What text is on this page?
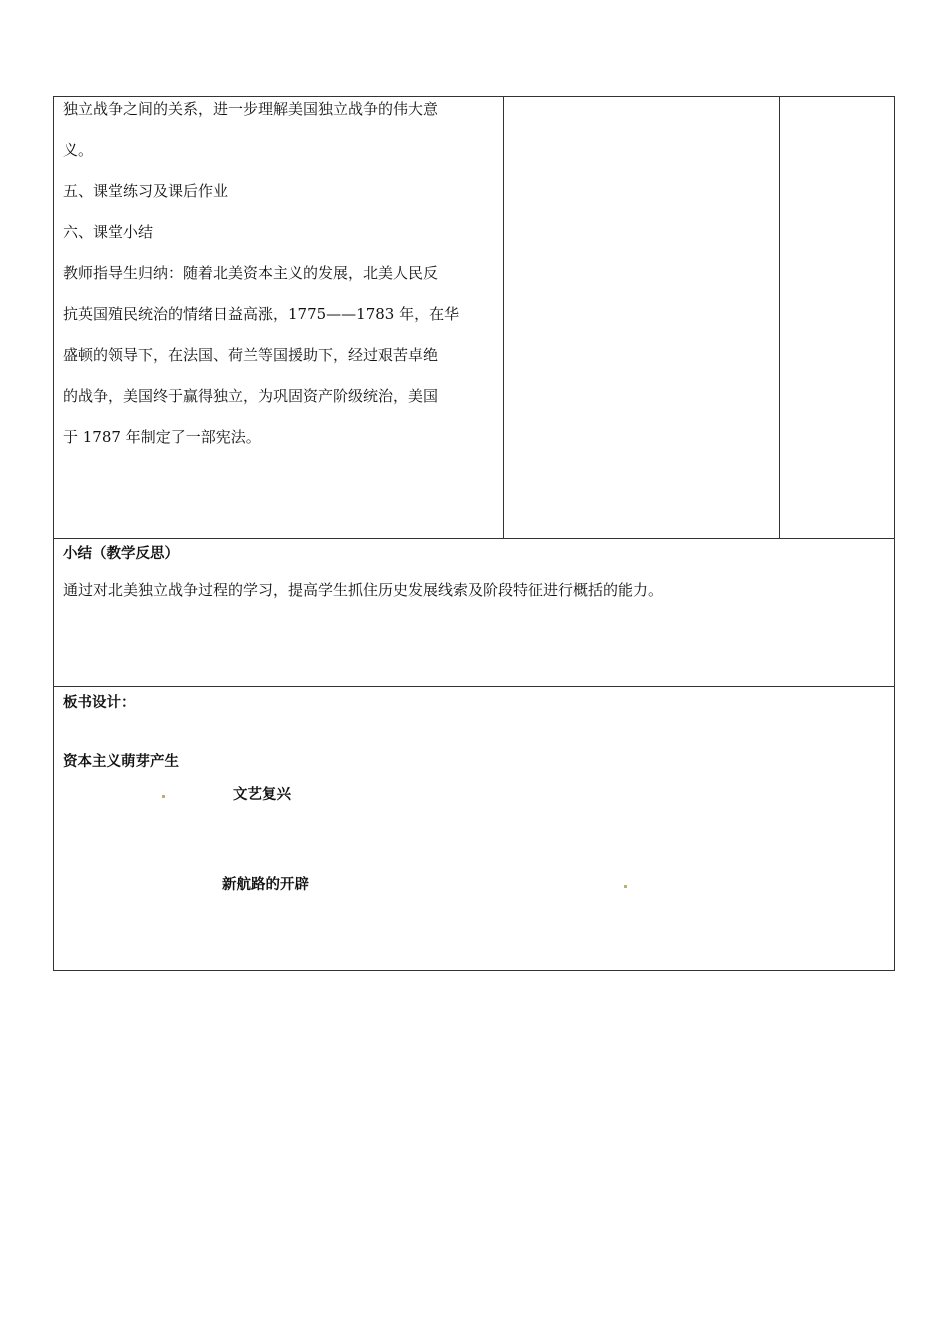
独立战争之间的关系，进一步理解美国独立战争的伟大意

义。

五、课堂练习及课后作业

六、课堂小结

教师指导生归纳：随着北美资本主义的发展，北美人民反

抗英国殖民统治的情绪日益高涨，1775——1783 年，在华

盛顿的领导下，在法国、荷兰等国援助下，经过艰苦卓绝

的战争，美国终于赢得独立，为巩固资产阶级统治，美国

于 1787 年制定了一部宪法。

小结（教学反思）
通过对北美独立战争过程的学习，提高学生抓住历史发展线索及阶段特征进行概括的能力。
板书设计：
资本主义萌芽产生
文艺复兴
新航路的开辟
